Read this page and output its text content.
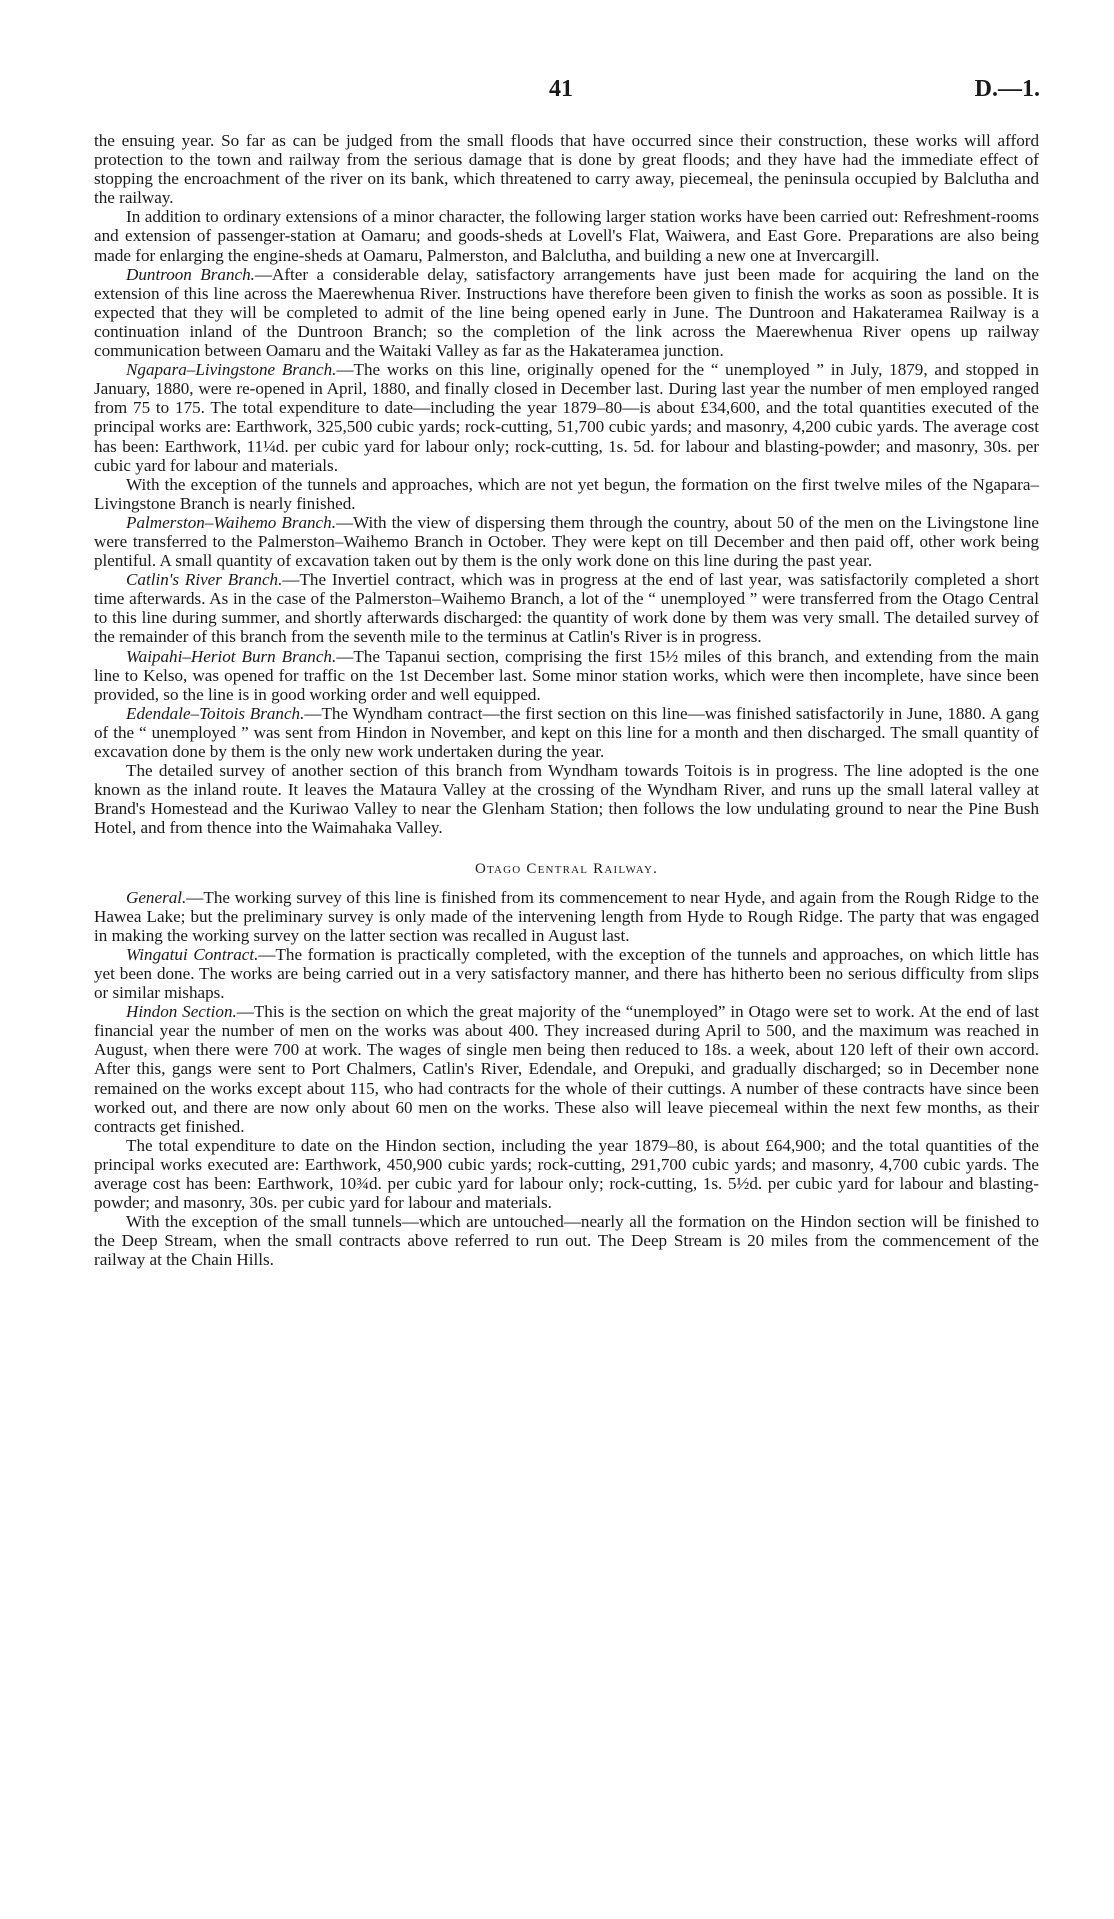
41	D.—1.

the ensuing year. So far as can be judged from the small floods that have occurred since their construction, these works will afford protection to the town and railway from the serious damage that is done by great floods; and they have had the immediate effect of stopping the encroachment of the river on its bank, which threatened to carry away, piecemeal, the peninsula occupied by Balclutha and the railway.

In addition to ordinary extensions of a minor character, the following larger station works have been carried out: Refreshment-rooms and extension of passenger-station at Oamaru; and goods-sheds at Lovell's Flat, Waiwera, and East Gore. Preparations are also being made for enlarging the engine-sheds at Oamaru, Palmerston, and Balclutha, and building a new one at Invercargill.

Duntroon Branch.—After a considerable delay, satisfactory arrangements have just been made for acquiring the land on the extension of this line across the Maerewhenua River. Instructions have therefore been given to finish the works as soon as possible. It is expected that they will be completed to admit of the line being opened early in June. The Duntroon and Hakateramea Railway is a continuation inland of the Duntroon Branch; so the completion of the link across the Maerewhenua River opens up railway communication between Oamaru and the Waitaki Valley as far as the Hakateramea junction.

Ngapara–Livingstone Branch.—The works on this line, originally opened for the “ unemployed ” in July, 1879, and stopped in January, 1880, were re-opened in April, 1880, and finally closed in December last. During last year the number of men employed ranged from 75 to 175. The total expenditure to date—including the year 1879–80—is about £34,600, and the total quantities executed of the principal works are: Earthwork, 325,500 cubic yards; rock-cutting, 51,700 cubic yards; and masonry, 4,200 cubic yards. The average cost has been: Earthwork, 11¼d. per cubic yard for labour only; rock-cutting, 1s. 5d. for labour and blasting-powder; and masonry, 30s. per cubic yard for labour and materials.

With the exception of the tunnels and approaches, which are not yet begun, the formation on the first twelve miles of the Ngapara–Livingstone Branch is nearly finished.

Palmerston–Waihemo Branch.—With the view of dispersing them through the country, about 50 of the men on the Livingstone line were transferred to the Palmerston–Waihemo Branch in October. They were kept on till December and then paid off, other work being plentiful. A small quantity of excavation taken out by them is the only work done on this line during the past year.

Catlin's River Branch.—The Invertiel contract, which was in progress at the end of last year, was satisfactorily completed a short time afterwards. As in the case of the Palmerston–Waihemo Branch, a lot of the “ unemployed ” were transferred from the Otago Central to this line during summer, and shortly afterwards discharged: the quantity of work done by them was very small. The detailed survey of the remainder of this branch from the seventh mile to the terminus at Catlin's River is in progress.

Waipahi–Heriot Burn Branch.—The Tapanui section, comprising the first 15½ miles of this branch, and extending from the main line to Kelso, was opened for traffic on the 1st December last. Some minor station works, which were then incomplete, have since been provided, so the line is in good working order and well equipped.

Edendale–Toitois Branch.—The Wyndham contract—the first section on this line—was finished satisfactorily in June, 1880. A gang of the “ unemployed ” was sent from Hindon in November, and kept on this line for a month and then discharged. The small quantity of excavation done by them is the only new work undertaken during the year.

The detailed survey of another section of this branch from Wyndham towards Toitois is in progress. The line adopted is the one known as the inland route. It leaves the Mataura Valley at the crossing of the Wyndham River, and runs up the small lateral valley at Brand's Homestead and the Kuriwao Valley to near the Glenham Station; then follows the low undulating ground to near the Pine Bush Hotel, and from thence into the Waimahaka Valley.

Otago Central Railway.

General.—The working survey of this line is finished from its commencement to near Hyde, and again from the Rough Ridge to the Hawea Lake; but the preliminary survey is only made of the intervening length from Hyde to Rough Ridge. The party that was engaged in making the working survey on the latter section was recalled in August last.

Wingatui Contract.—The formation is practically completed, with the exception of the tunnels and approaches, on which little has yet been done. The works are being carried out in a very satisfactory manner, and there has hitherto been no serious difficulty from slips or similar mishaps.

Hindon Section.—This is the section on which the great majority of the “unemployed” in Otago were set to work. At the end of last financial year the number of men on the works was about 400. They increased during April to 500, and the maximum was reached in August, when there were 700 at work. The wages of single men being then reduced to 18s. a week, about 120 left of their own accord. After this, gangs were sent to Port Chalmers, Catlin's River, Edendale, and Orepuki, and gradually discharged; so in December none remained on the works except about 115, who had contracts for the whole of their cuttings. A number of these contracts have since been worked out, and there are now only about 60 men on the works. These also will leave piecemeal within the next few months, as their contracts get finished.

The total expenditure to date on the Hindon section, including the year 1879–80, is about £64,900; and the total quantities of the principal works executed are: Earthwork, 450,900 cubic yards; rock-cutting, 291,700 cubic yards; and masonry, 4,700 cubic yards. The average cost has been: Earthwork, 10¾d. per cubic yard for labour only; rock-cutting, 1s. 5½d. per cubic yard for labour and blasting-powder; and masonry, 30s. per cubic yard for labour and materials.

With the exception of the small tunnels—which are untouched—nearly all the formation on the Hindon section will be finished to the Deep Stream, when the small contracts above referred to run out. The Deep Stream is 20 miles from the commencement of the railway at the Chain Hills.
